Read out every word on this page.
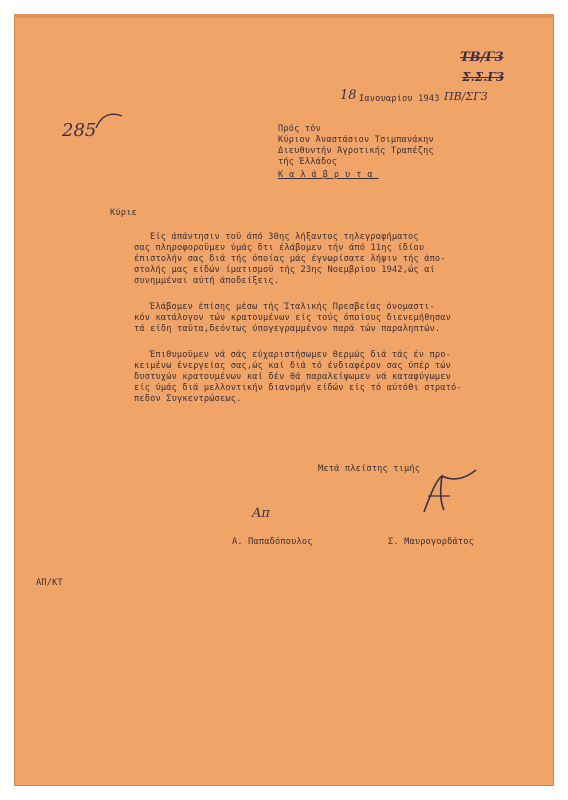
ΤΒ/Γ3
Σ.Σ.Γ3
18 Ιανουαρίου 1943 ΠΒ/ΣΓ3
285	Πρός τόν
Κύριον Άναστάσιον Τσιμπανάκην
Διευθυντήν Άγροτικής Τραπέζης
τής Έλλάδος
Καλάβρυτα
Κύριε
Είς άπάντησιν τοϋ άπό 30ης λήξαντος τηλεγραφήματος
σας πληροφοροϋμεν ύμάς δτι έλάβομεν τήν άπό 11ης ίδίου
έπιστολήν σας διά τής όποίας μάς έγνωρίσατε λήψιν τής άπο-
στολής μας είδών ίματισμοϋ τής 23ης Νοεμβρίου 1942,ώς αί
συνημμέναι αύτή άποδείξεις.
Έλάβομεν έπίσης μέσω τής Ίταλικής Πρεσβείας όνομαστι-
κόν κατάλογον τών κρατουμένων είς τούς όποίους διενεμήθησαν
τά είδη ταϋτα,δεόντως ύπογεγραμμένον παρά τών παραληπτών.
Έπιθυμοϋμεν νά σάς εύχαριστήσωμεν θερμώς διά τάς έν προ-
κειμένω ένεργείας σας,ώς καί διά τό ένδιαφέρον σας ύπέρ τών
δυστυχών κρατουμένων καί δέν θά παραλείψωμεν νά καταφύγωμεν
είς ύμάς διά μελλοντικήν διανομήν είδών είς τό αύτόθι στρατό-
πεδον Συγκεντρώσεως.
Μετά πλείστης τιμής
Απ
Α. Παπαδόπουλος	Σ. Μαυρογορδάτος
ΑΠ/ΚΤ
